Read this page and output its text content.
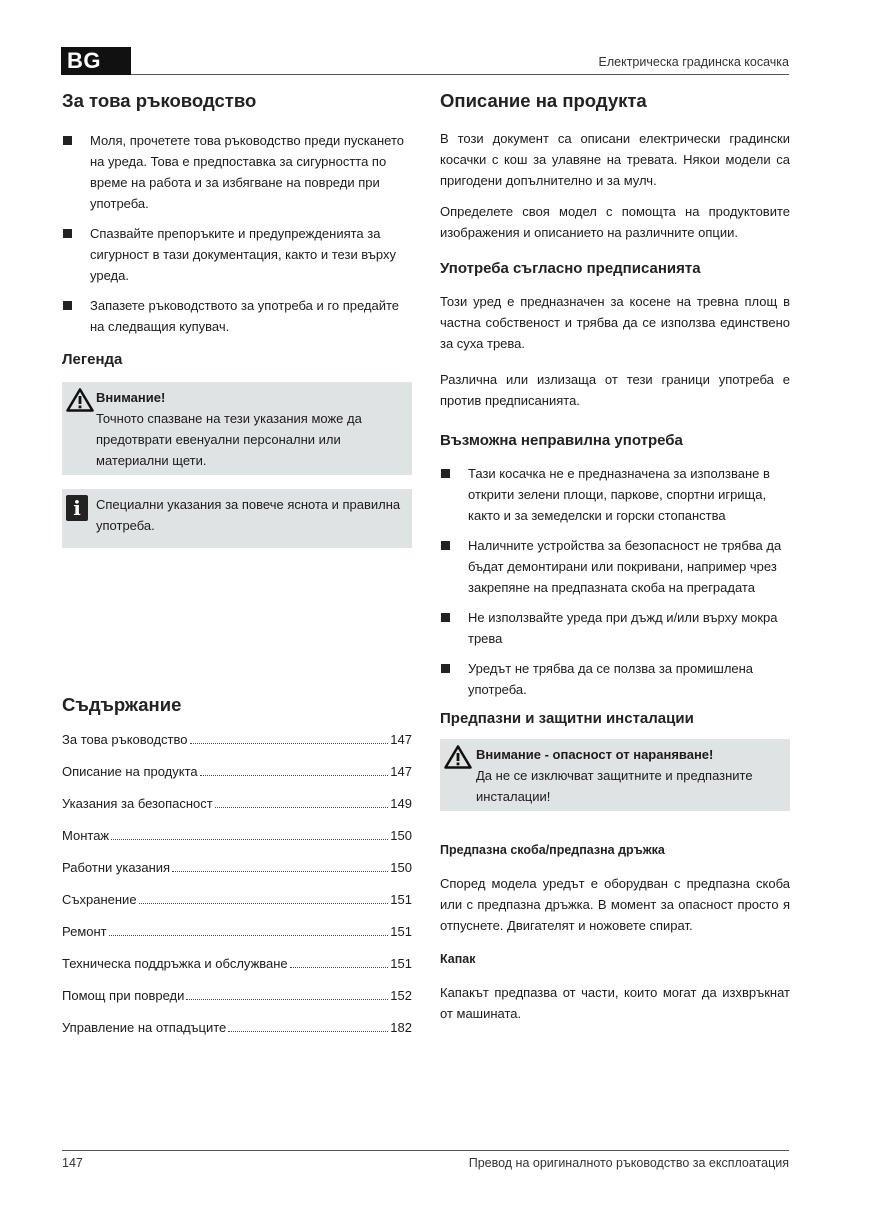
BG	Електрическа градинска косачка
За това ръководство
Моля, прочетете това ръководство преди пускането на уреда. Това е предпоставка за сигурността по време на работа и за избягване на повреди при употреба.
Спазвайте препоръките и предупрежденията за сигурност в тази документация, както и тези върху уреда.
Запазете ръководството за употреба и го предайте на следващия купувач.
Легенда
Внимание!
Точното спазване на тези указания може да предотврати евенуални персонални или материални щети.
i	Специални указания за повече яснота и правилна употреба.
Съдържание
За това ръководство	147
Описание на продукта	147
Указания за безопасност	149
Монтаж	150
Работни указания	150
Съхранение	151
Ремонт	151
Техническа поддръжка и обслужване	151
Помощ при повреди	152
Управление на отпадъците	182
Описание на продукта

В този документ са описани електрически градински косачки с кош за улавяне на тревата. Някои модели са пригодени допълнително и за мулч.

Определете своя модел с помощта на продуктовите изображения и описанието на различните опции.

Употреба съгласно предписанията

Този уред е предназначен за косене на тревна площ в частна собственост и трябва да се използва единствено за суха трева.

Различна или излизаща от тези граници употреба е против предписанията.

Възможна неправилна употреба
Тази косачка не е предназначена за използване в открити зелени площи, паркове, спортни игрища, както и за земеделски и горски стопанства
Наличните устройства за безопасност не трябва да бъдат демонтирани или покривани, например чрез закрепяне на предпазната скоба на преградата
Не използвайте уреда при дъжд и/или върху мокра трева
Уредът не трябва да се ползва за промишлена употреба.
Предпазни и защитни инсталации
Внимание - опасност от нараняване!
Да не се изключват защитните и предпазните инсталации!
Предпазна скоба/предпазна дръжка

Според модела уредът е оборудван с предпазна скоба или с предпазна дръжка. В момент за опасност просто я отпуснете. Двигателят и ножовете спират.

Капак

Капакът предпазва от части, които могат да изхвръкнат от машината.

147	Превод на оригиналното ръководство за експлоатация
